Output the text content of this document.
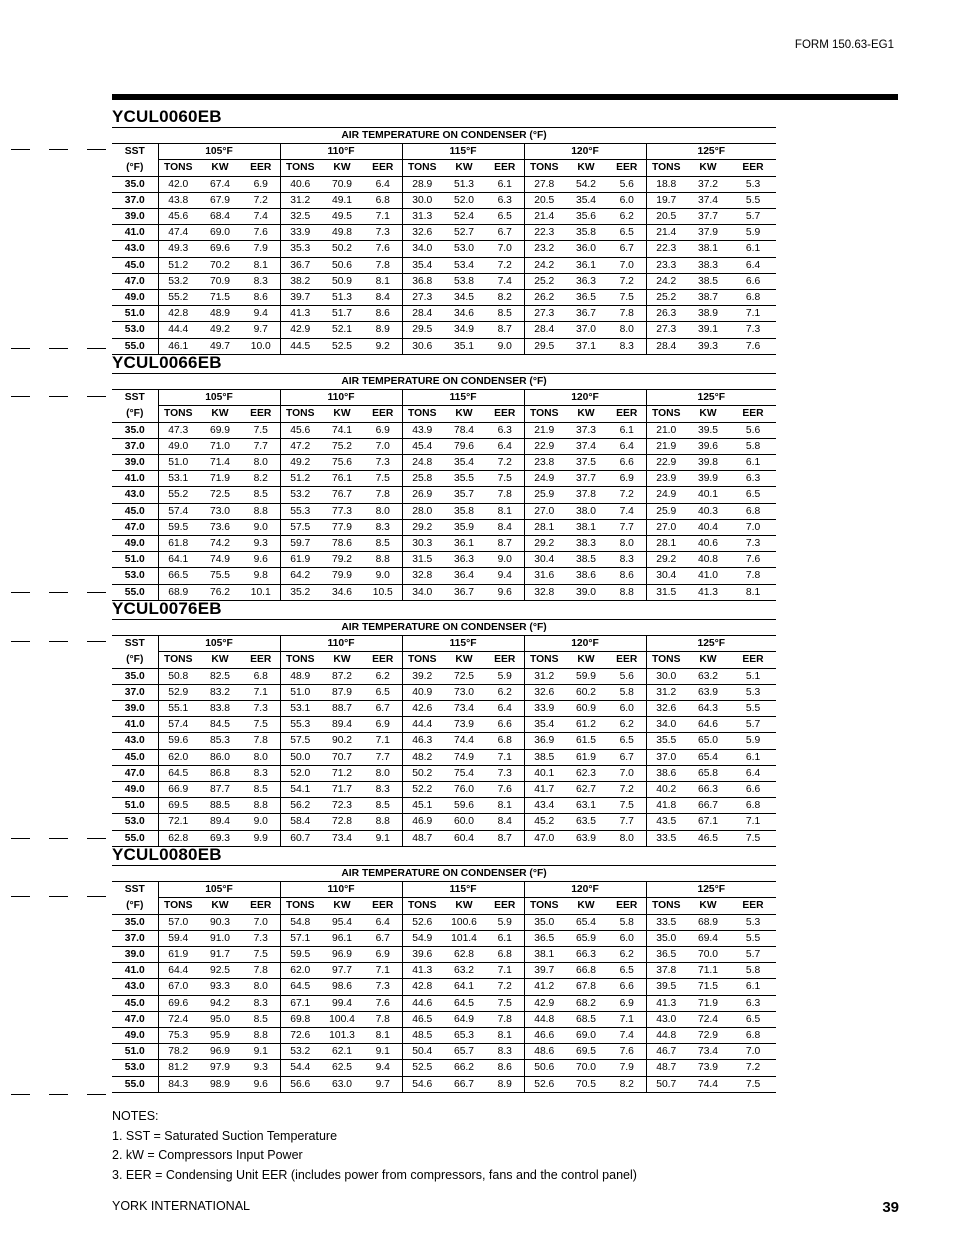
FORM 150.63-EG1
YCUL0060EB
AIR TEMPERATURE ON CONDENSER (°F)															
SST	105°F			110°F			115°F			120°F			125°F		
(°F)	TONS	KW	EER	TONS	KW	EER	TONS	KW	EER	TONS	KW	EER	TONS	KW	EER
35.0	42.0	67.4	6.9	40.6	70.9	6.4	28.9	51.3	6.1	27.8	54.2	5.6	18.8	37.2	5.3
37.0	43.8	67.9	7.2	31.2	49.1	6.8	30.0	52.0	6.3	20.5	35.4	6.0	19.7	37.4	5.5
39.0	45.6	68.4	7.4	32.5	49.5	7.1	31.3	52.4	6.5	21.4	35.6	6.2	20.5	37.7	5.7
41.0	47.4	69.0	7.6	33.9	49.8	7.3	32.6	52.7	6.7	22.3	35.8	6.5	21.4	37.9	5.9
43.0	49.3	69.6	7.9	35.3	50.2	7.6	34.0	53.0	7.0	23.2	36.0	6.7	22.3	38.1	6.1
45.0	51.2	70.2	8.1	36.7	50.6	7.8	35.4	53.4	7.2	24.2	36.1	7.0	23.3	38.3	6.4
47.0	53.2	70.9	8.3	38.2	50.9	8.1	36.8	53.8	7.4	25.2	36.3	7.2	24.2	38.5	6.6
49.0	55.2	71.5	8.6	39.7	51.3	8.4	27.3	34.5	8.2	26.2	36.5	7.5	25.2	38.7	6.8
51.0	42.8	48.9	9.4	41.3	51.7	8.6	28.4	34.6	8.5	27.3	36.7	7.8	26.3	38.9	7.1
53.0	44.4	49.2	9.7	42.9	52.1	8.9	29.5	34.9	8.7	28.4	37.0	8.0	27.3	39.1	7.3
55.0	46.1	49.7	10.0	44.5	52.5	9.2	30.6	35.1	9.0	29.5	37.1	8.3	28.4	39.3	7.6
YCUL0066EB
AIR TEMPERATURE ON CONDENSER (°F)															
SST	105°F			110°F			115°F			120°F			125°F		
(°F)	TONS	KW	EER	TONS	KW	EER	TONS	KW	EER	TONS	KW	EER	TONS	KW	EER
35.0	47.3	69.9	7.5	45.6	74.1	6.9	43.9	78.4	6.3	21.9	37.3	6.1	21.0	39.5	5.6
37.0	49.0	71.0	7.7	47.2	75.2	7.0	45.4	79.6	6.4	22.9	37.4	6.4	21.9	39.6	5.8
39.0	51.0	71.4	8.0	49.2	75.6	7.3	24.8	35.4	7.2	23.8	37.5	6.6	22.9	39.8	6.1
41.0	53.1	71.9	8.2	51.2	76.1	7.5	25.8	35.5	7.5	24.9	37.7	6.9	23.9	39.9	6.3
43.0	55.2	72.5	8.5	53.2	76.7	7.8	26.9	35.7	7.8	25.9	37.8	7.2	24.9	40.1	6.5
45.0	57.4	73.0	8.8	55.3	77.3	8.0	28.0	35.8	8.1	27.0	38.0	7.4	25.9	40.3	6.8
47.0	59.5	73.6	9.0	57.5	77.9	8.3	29.2	35.9	8.4	28.1	38.1	7.7	27.0	40.4	7.0
49.0	61.8	74.2	9.3	59.7	78.6	8.5	30.3	36.1	8.7	29.2	38.3	8.0	28.1	40.6	7.3
51.0	64.1	74.9	9.6	61.9	79.2	8.8	31.5	36.3	9.0	30.4	38.5	8.3	29.2	40.8	7.6
53.0	66.5	75.5	9.8	64.2	79.9	9.0	32.8	36.4	9.4	31.6	38.6	8.6	30.4	41.0	7.8
55.0	68.9	76.2	10.1	35.2	34.6	10.5	34.0	36.7	9.6	32.8	39.0	8.8	31.5	41.3	8.1
YCUL0076EB
AIR TEMPERATURE ON CONDENSER (°F)															
SST	105°F			110°F			115°F			120°F			125°F		
(°F)	TONS	KW	EER	TONS	KW	EER	TONS	KW	EER	TONS	KW	EER	TONS	KW	EER
35.0	50.8	82.5	6.8	48.9	87.2	6.2	39.2	72.5	5.9	31.2	59.9	5.6	30.0	63.2	5.1
37.0	52.9	83.2	7.1	51.0	87.9	6.5	40.9	73.0	6.2	32.6	60.2	5.8	31.2	63.9	5.3
39.0	55.1	83.8	7.3	53.1	88.7	6.7	42.6	73.4	6.4	33.9	60.9	6.0	32.6	64.3	5.5
41.0	57.4	84.5	7.5	55.3	89.4	6.9	44.4	73.9	6.6	35.4	61.2	6.2	34.0	64.6	5.7
43.0	59.6	85.3	7.8	57.5	90.2	7.1	46.3	74.4	6.8	36.9	61.5	6.5	35.5	65.0	5.9
45.0	62.0	86.0	8.0	50.0	70.7	7.7	48.2	74.9	7.1	38.5	61.9	6.7	37.0	65.4	6.1
47.0	64.5	86.8	8.3	52.0	71.2	8.0	50.2	75.4	7.3	40.1	62.3	7.0	38.6	65.8	6.4
49.0	66.9	87.7	8.5	54.1	71.7	8.3	52.2	76.0	7.6	41.7	62.7	7.2	40.2	66.3	6.6
51.0	69.5	88.5	8.8	56.2	72.3	8.5	45.1	59.6	8.1	43.4	63.1	7.5	41.8	66.7	6.8
53.0	72.1	89.4	9.0	58.4	72.8	8.8	46.9	60.0	8.4	45.2	63.5	7.7	43.5	67.1	7.1
55.0	62.8	69.3	9.9	60.7	73.4	9.1	48.7	60.4	8.7	47.0	63.9	8.0	33.5	46.5	7.5
YCUL0080EB
AIR TEMPERATURE ON CONDENSER (°F)															
SST	105°F			110°F			115°F			120°F			125°F		
(°F)	TONS	KW	EER	TONS	KW	EER	TONS	KW	EER	TONS	KW	EER	TONS	KW	EER
35.0	57.0	90.3	7.0	54.8	95.4	6.4	52.6	100.6	5.9	35.0	65.4	5.8	33.5	68.9	5.3
37.0	59.4	91.0	7.3	57.1	96.1	6.7	54.9	101.4	6.1	36.5	65.9	6.0	35.0	69.4	5.5
39.0	61.9	91.7	7.5	59.5	96.9	6.9	39.6	62.8	6.8	38.1	66.3	6.2	36.5	70.0	5.7
41.0	64.4	92.5	7.8	62.0	97.7	7.1	41.3	63.2	7.1	39.7	66.8	6.5	37.8	71.1	5.8
43.0	67.0	93.3	8.0	64.5	98.6	7.3	42.8	64.1	7.2	41.2	67.8	6.6	39.5	71.5	6.1
45.0	69.6	94.2	8.3	67.1	99.4	7.6	44.6	64.5	7.5	42.9	68.2	6.9	41.3	71.9	6.3
47.0	72.4	95.0	8.5	69.8	100.4	7.8	46.5	64.9	7.8	44.8	68.5	7.1	43.0	72.4	6.5
49.0	75.3	95.9	8.8	72.6	101.3	8.1	48.5	65.3	8.1	46.6	69.0	7.4	44.8	72.9	6.8
51.0	78.2	96.9	9.1	53.2	62.1	9.1	50.4	65.7	8.3	48.6	69.5	7.6	46.7	73.4	7.0
53.0	81.2	97.9	9.3	54.4	62.5	9.4	52.5	66.2	8.6	50.6	70.0	7.9	48.7	73.9	7.2
55.0	84.3	98.9	9.6	56.6	63.0	9.7	54.6	66.7	8.9	52.6	70.5	8.2	50.7	74.4	7.5
NOTES:
1. SST = Saturated Suction Temperature
2. kW = Compressors Input Power
3. EER = Condensing Unit EER (includes power from compressors, fans and the control panel)
YORK INTERNATIONAL	39
